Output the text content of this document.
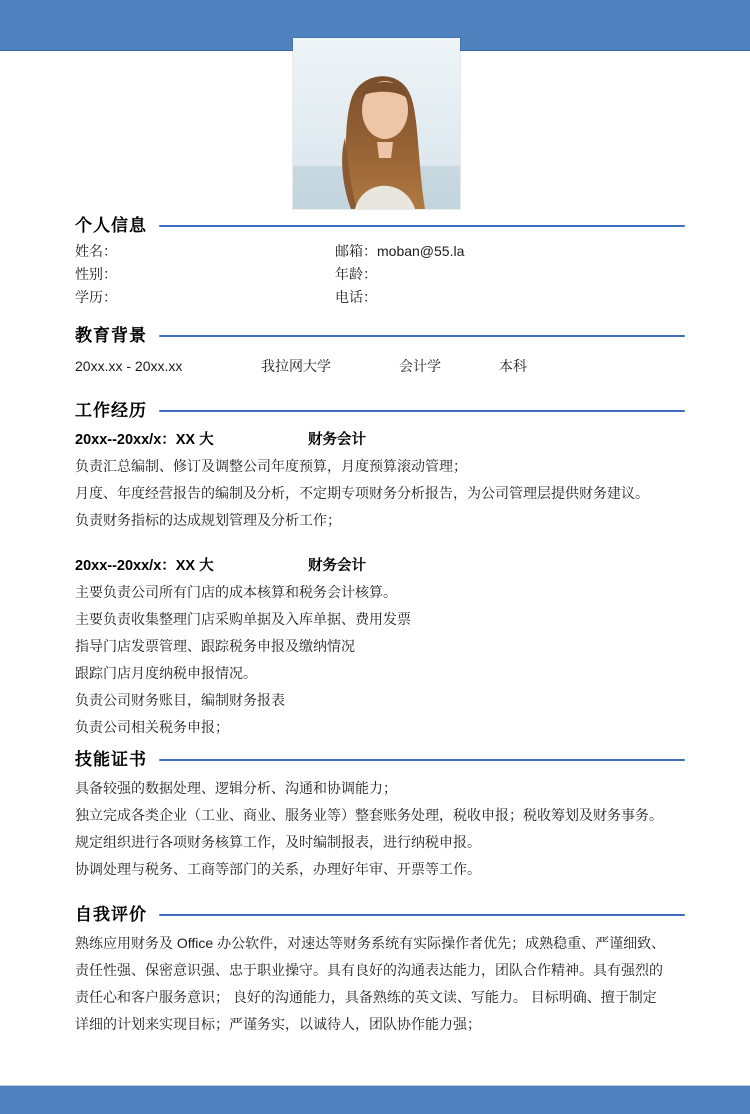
个人信息
姓名：	邮箱：moban@55.la
性别：	年龄：
学历：	电话：
教育背景
20xx.xx - 20xx.xx	我拉网大学	会计学	本科
工作经历
20xx--20xx/x：XX 大	财务会计
负责汇总编制、修订及调整公司年度预算，月度预算滚动管理；
月度、年度经营报告的编制及分析，不定期专项财务分析报告，为公司管理层提供财务建议。
负责财务指标的达成规划管理及分析工作；
20xx--20xx/x：XX 大	财务会计
主要负责公司所有门店的成本核算和税务会计核算。
主要负责收集整理门店采购单据及入库单据、费用发票
指导门店发票管理、跟踪税务申报及缴纳情况
跟踪门店月度纳税申报情况。
负责公司财务账目，编制财务报表
负责公司相关税务申报；
技能证书
具备较强的数据处理、逻辑分析、沟通和协调能力；
独立完成各类企业（工业、商业、服务业等）整套账务处理，税收申报；税收筹划及财务事务。
规定组织进行各项财务核算工作，及时编制报表，进行纳税申报。
协调处理与税务、工商等部门的关系，办理好年审、开票等工作。
自我评价
熟练应用财务及 Office 办公软件，对速达等财务系统有实际操作者优先；成熟稳重、严谨细致、
责任性强、保密意识强、忠于职业操守。具有良好的沟通表达能力，团队合作精神。具有强烈的
责任心和客户服务意识； 良好的沟通能力，具备熟练的英文读、写能力。 目标明确、擅于制定
详细的计划来实现目标；严谨务实，以诚待人，团队协作能力强；
